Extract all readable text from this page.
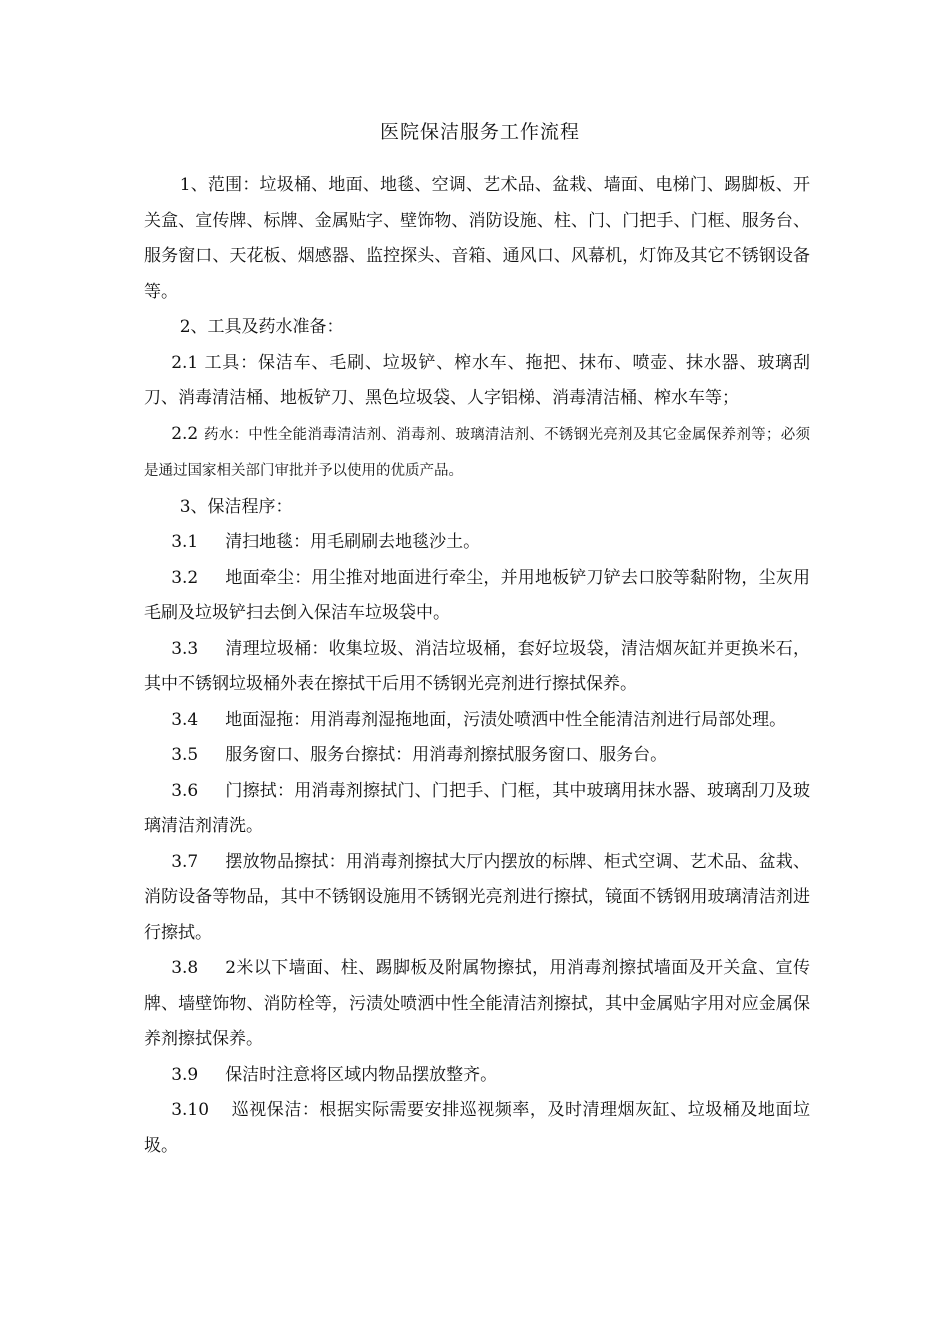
医院保洁服务工作流程

1、范围：垃圾桶、地面、地毯、空调、艺术品、盆栽、墙面、电梯门、踢脚板、开关盒、宣传牌、标牌、金属贴字、壁饰物、消防设施、柱、门、门把手、门框、服务台、服务窗口、天花板、烟感器、监控探头、音箱、通风口、风幕机，灯饰及其它不锈钢设备等。

2、工具及药水准备：

2.1 工具：保洁车、毛刷、垃圾铲、榨水车、拖把、抹布、喷壶、抹水器、玻璃刮刀、消毒清洁桶、地板铲刀、黑色垃圾袋、人字铝梯、消毒清洁桶、榨水车等；

2.2 药水：中性全能消毒清洁剂、消毒剂、玻璃清洁剂、不锈钢光亮剂及其它金属保养剂等；必须是通过国家相关部门审批并予以使用的优质产品。

3、保洁程序：

3.1 清扫地毯：用毛刷刷去地毯沙土。

3.2 地面牵尘：用尘推对地面进行牵尘，并用地板铲刀铲去口胶等黏附物，尘灰用毛刷及垃圾铲扫去倒入保洁车垃圾袋中。

3.3 清理垃圾桶：收集垃圾、消洁垃圾桶，套好垃圾袋，清洁烟灰缸并更换米石，其中不锈钢垃圾桶外表在擦拭干后用不锈钢光亮剂进行擦拭保养。

3.4 地面湿拖：用消毒剂湿拖地面，污渍处喷洒中性全能清洁剂进行局部处理。

3.5 服务窗口、服务台擦拭：用消毒剂擦拭服务窗口、服务台。

3.6 门擦拭：用消毒剂擦拭门、门把手、门框，其中玻璃用抹水器、玻璃刮刀及玻璃清洁剂清洗。

3.7 摆放物品擦拭：用消毒剂擦拭大厅内摆放的标牌、柜式空调、艺术品、盆栽、消防设备等物品，其中不锈钢设施用不锈钢光亮剂进行擦拭，镜面不锈钢用玻璃清洁剂进行擦拭。

3.8 2米以下墙面、柱、踢脚板及附属物擦拭，用消毒剂擦拭墙面及开关盒、宣传牌、墙壁饰物、消防栓等，污渍处喷洒中性全能清洁剂擦拭，其中金属贴字用对应金属保养剂擦拭保养。

3.9 保洁时注意将区域内物品摆放整齐。

3.10 巡视保洁：根据实际需要安排巡视频率，及时清理烟灰缸、垃圾桶及地面垃圾。
